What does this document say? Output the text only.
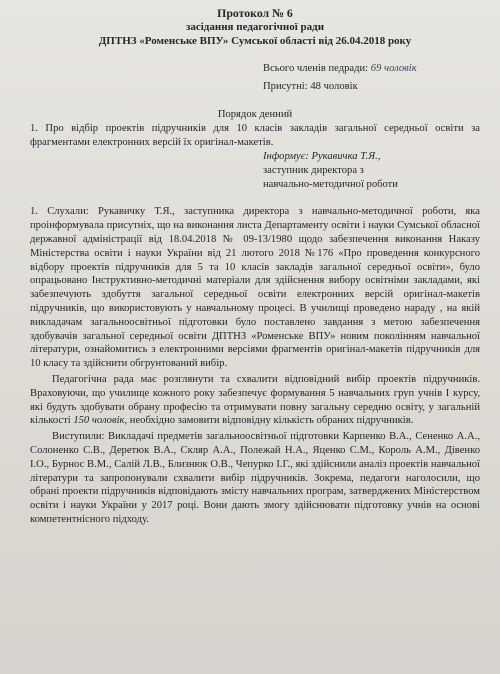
Протокол № 6
засідання педагогічної ради
ДПТНЗ «Роменське ВПУ» Сумської області від 26.04.2018 року

Всього членів педради: 69 чоловік

Присутні: 48 чоловік

Порядок денний

1. Про відбір проектів підручників для 10 класів закладів загальної середньої освіти за фрагментами електронних версій їх оригінал-макетів.

Інформує: Рукавичка Т.Я.,

заступник директора з

навчально-методичної роботи

1. Слухали: Рукавичку Т.Я., заступника директора з навчально-методичної роботи, яка проінформувала присутніх, що на виконання листа Департаменту освіти і науки Сумської обласної державної адміністрації від 18.04.2018 № 09-13/1980 щодо забезпечення виконання Наказу Міністерства освіти і науки України від 21 лютого 2018 №176 «Про проведення конкурсного відбору проектів підручників для 5 та 10 класів закладів загальної середньої освіти», було опрацьовано Інструктивно-методичні матеріали для здійснення вибору освітніми закладами, які забезпечують здобуття загальної середньої освіти електронних версій оригінал-макетів підручників, що використовують у навчальному процесі. В училищі проведено нараду , на якій викладачам загальноосвітньої підготовки було поставлено завдання з метою забезпечення здобувачів загальної середньої освіти ДПТНЗ «Роменське ВПУ» новим поколінням навчальної літератури, ознайомитись з електронними версіями фрагментів оригінал-макетів підручників для 10 класу та здійснити обгрунтований вибір.

Педагогічна рада має розглянути та схвалити відповідний вибір проектів підручників. Враховуючи, що училище кожного року забезпечує формування 5 навчальних груп учнів І курсу, які будуть здобувати обрану професію та отримувати повну загальну середню освіту, у загальній кількості 150 чоловік, необхідно замовити відповідну кількість обраних підручників.

Виступили: Викладачі предметів загальноосвітньої підготовки Карпенко В.А., Сененко А.А., Солоненко С.В., Деретюк В.А., Скляр А.А., Полежай Н.А., Яценко С.М., Король А.М., Дівенко І.О., Бурнос В.М., Салій Л.В., Близнюк О.В., Чепурко І.Г., які здійснили аналіз проектів навчальної літератури та запропонували схвалити вибір підручників. Зокрема, педагоги наголосили, що обрані проекти підручників відповідають змісту навчальних програм, затверджених Міністерством освіти і науки України у 2017 році. Вони дають змогу здійснювати підготовку учнів на основі компетентнісного підходу.
